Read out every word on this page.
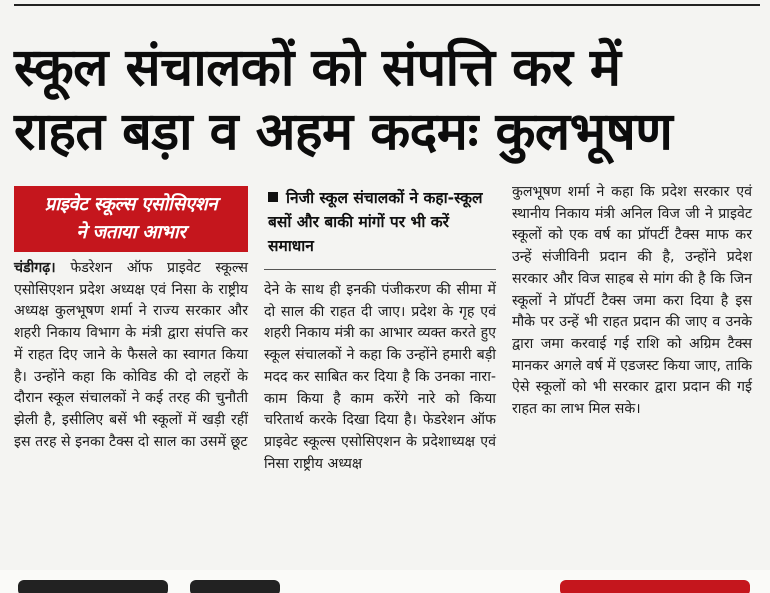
स्कूल संचालकों को संपत्ति कर में
राहत बड़ा व अहम कदमः कुलभूषण
प्राइवेट स्कूल्स एसोसिएशन
ने जताया आभार
निजी स्कूल संचालकों ने कहा-स्कूल बसों और बाकी मांगों पर भी करें समाधान

चंडीगढ़। फेडरेशन ऑफ प्राइवेट स्कूल्स एसोसिएशन प्रदेश अध्यक्ष एवं निसा के राष्ट्रीय अध्यक्ष कुलभूषण शर्मा ने राज्य सरकार और शहरी निकाय विभाग के मंत्री द्वारा संपत्ति कर में राहत दिए जाने के फैसले का स्वागत किया है। उन्होंने कहा कि कोविड की दो लहरों के दौरान स्कूल संचालकों ने कई तरह की चुनौती झेली है, इसीलिए बसें भी स्कूलों में खड़ी रहीं इस तरह से इनका टैक्स दो साल का उसमें छूट

देने के साथ ही इनकी पंजीकरण की सीमा में दो साल की राहत दी जाए। प्रदेश के गृह एवं शहरी निकाय मंत्री का आभार व्यक्त करते हुए स्कूल संचालकों ने कहा कि उन्होंने हमारी बड़ी मदद कर साबित कर दिया है कि उनका नारा-काम किया है काम करेंगे नारे को किया चरितार्थ करके दिखा दिया है। फेडरेशन ऑफ प्राइवेट स्कूल्स एसोसिएशन के प्रदेशाध्यक्ष एवं निसा राष्ट्रीय अध्यक्ष

कुलभूषण शर्मा ने कहा कि प्रदेश सरकार एवं स्थानीय निकाय मंत्री अनिल विज जी ने प्राइवेट स्कूलों को एक वर्ष का प्रॉपर्टी टैक्स माफ कर उन्हें संजीविनी प्रदान की है, उन्होंने प्रदेश सरकार और विज साहब से मांग की है कि जिन स्कूलों ने प्रॉपर्टी टैक्स जमा करा दिया है इस मौके पर उन्हें भी राहत प्रदान की जाए व उनके द्वारा जमा करवाई गई राशि को अग्रिम टैक्स मानकर अगले वर्ष में एडजस्ट किया जाए, ताकि ऐसे स्कूलों को भी सरकार द्वारा प्रदान की गई राहत का लाभ मिल सके।
